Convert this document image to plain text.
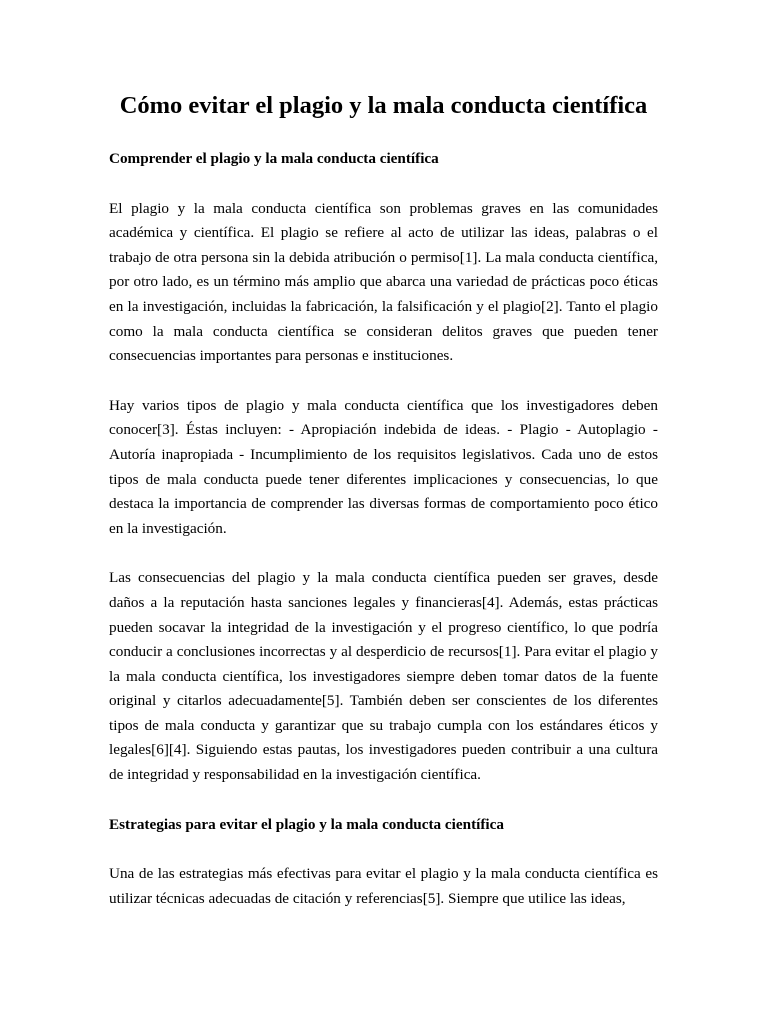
Cómo evitar el plagio y la mala conducta científica
Comprender el plagio y la mala conducta científica

El plagio y la mala conducta científica son problemas graves en las comunidades académica y científica. El plagio se refiere al acto de utilizar las ideas, palabras o el trabajo de otra persona sin la debida atribución o permiso[1]. La mala conducta científica, por otro lado, es un término más amplio que abarca una variedad de prácticas poco éticas en la investigación, incluidas la fabricación, la falsificación y el plagio[2]. Tanto el plagio como la mala conducta científica se consideran delitos graves que pueden tener consecuencias importantes para personas e instituciones.

Hay varios tipos de plagio y mala conducta científica que los investigadores deben conocer[3]. Éstas incluyen: - Apropiación indebida de ideas. - Plagio - Autoplagio - Autoría inapropiada - Incumplimiento de los requisitos legislativos. Cada uno de estos tipos de mala conducta puede tener diferentes implicaciones y consecuencias, lo que destaca la importancia de comprender las diversas formas de comportamiento poco ético en la investigación.

Las consecuencias del plagio y la mala conducta científica pueden ser graves, desde daños a la reputación hasta sanciones legales y financieras[4]. Además, estas prácticas pueden socavar la integridad de la investigación y el progreso científico, lo que podría conducir a conclusiones incorrectas y al desperdicio de recursos[1]. Para evitar el plagio y la mala conducta científica, los investigadores siempre deben tomar datos de la fuente original y citarlos adecuadamente[5]. También deben ser conscientes de los diferentes tipos de mala conducta y garantizar que su trabajo cumpla con los estándares éticos y legales[6][4]. Siguiendo estas pautas, los investigadores pueden contribuir a una cultura de integridad y responsabilidad en la investigación científica.

Estrategias para evitar el plagio y la mala conducta científica

Una de las estrategias más efectivas para evitar el plagio y la mala conducta científica es utilizar técnicas adecuadas de citación y referencias[5]. Siempre que utilice las ideas,
